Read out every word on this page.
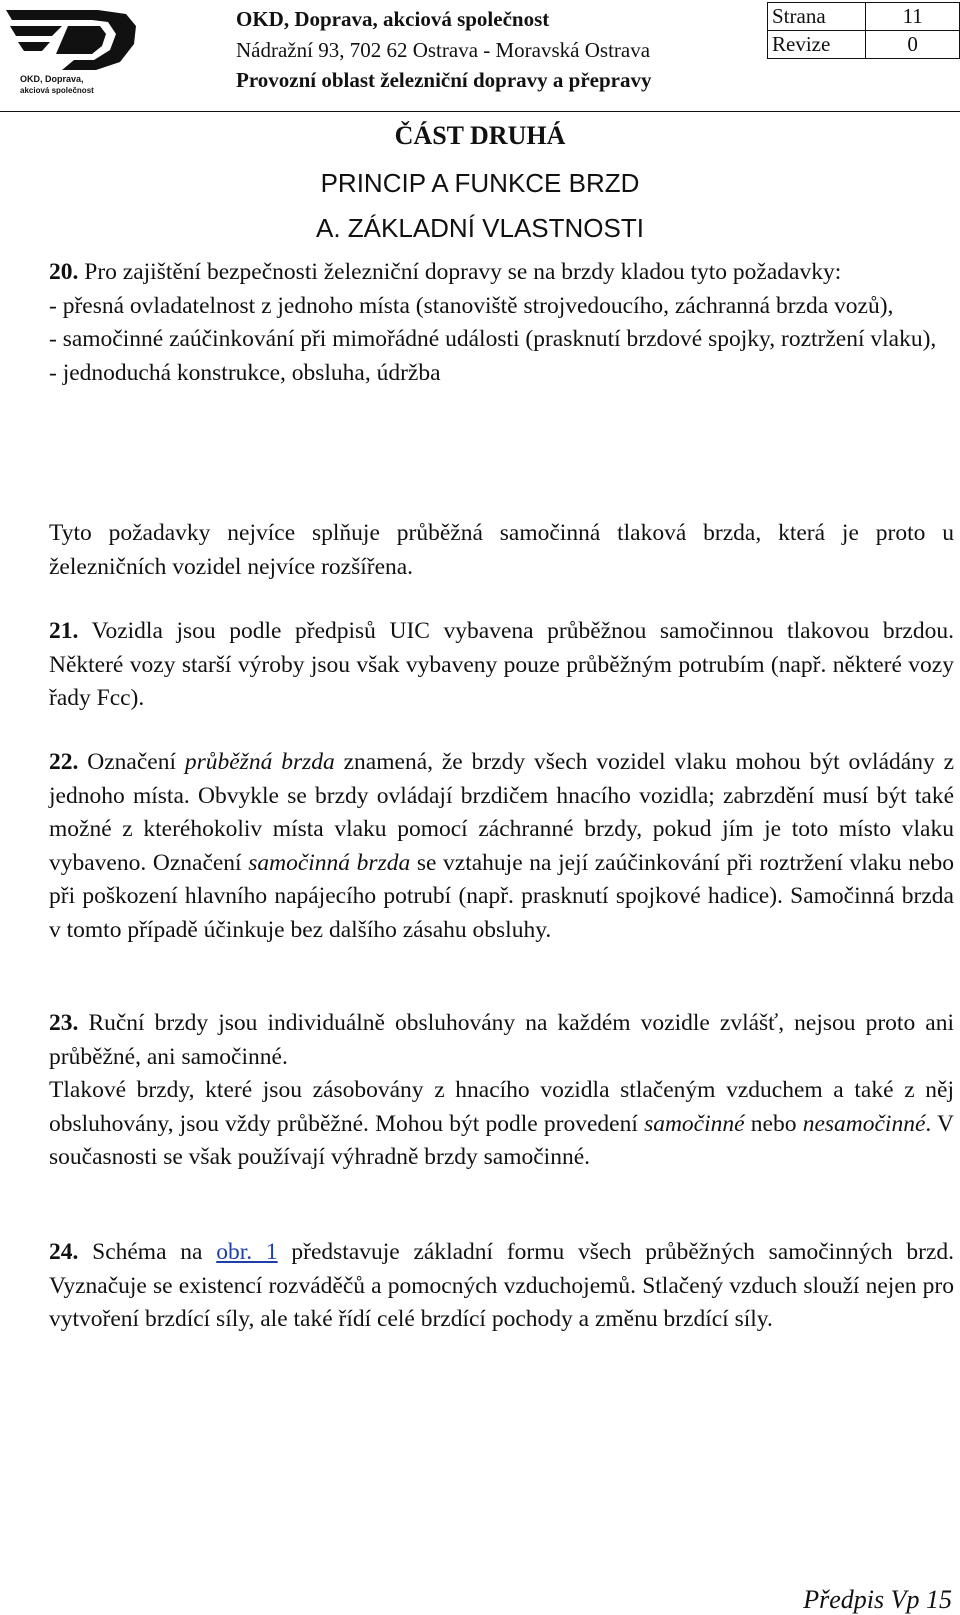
OKD, Doprava,
akciová společnost
OKD, Doprava, akciová společnost
Nádražní 93, 702 62 Ostrava - Moravská Ostrava
Provozní oblast železniční dopravy a přepravy
Strana	11
Revize	0
ČÁST DRUHÁ
PRINCIP A FUNKCE BRZD
A. ZÁKLADNÍ VLASTNOSTI
20. Pro zajištění bezpečnosti železniční dopravy se na brzdy kladou tyto požadavky:
- přesná ovladatelnost z jednoho místa (stanoviště strojvedoucího, záchranná brzda vozů),
- samočinné zaúčinkování při mimořádné události (prasknutí brzdové spojky, roztržení vlaku),
- jednoduchá konstrukce, obsluha, údržba
Tyto požadavky nejvíce splňuje průběžná samočinná tlaková brzda, která je proto u železničních vozidel nejvíce rozšířena.
21. Vozidla jsou podle předpisů UIC vybavena průběžnou samočinnou tlakovou brzdou. Některé vozy starší výroby jsou však vybaveny pouze průběžným potrubím (např. některé vozy řady Fcc).
22. Označení průběžná brzda znamená, že brzdy všech vozidel vlaku mohou být ovládány z jednoho místa. Obvykle se brzdy ovládají brzdičem hnacího vozidla; zabrzdění musí být také možné z kteréhokoliv místa vlaku pomocí záchranné brzdy, pokud jím je toto místo vlaku vybaveno. Označení samočinná brzda se vztahuje na její zaúčinkování při roztržení vlaku nebo při poškození hlavního napájecího potrubí (např. prasknutí spojkové hadice). Samočinná brzda v tomto případě účinkuje bez dalšího zásahu obsluhy.
23. Ruční brzdy jsou individuálně obsluhovány na každém vozidle zvlášť, nejsou proto ani průběžné, ani samočinné.
Tlakové brzdy, které jsou zásobovány z hnacího vozidla stlačeným vzduchem a také z něj obsluhovány, jsou vždy průběžné. Mohou být podle provedení samočinné nebo nesamočinné. V současnosti se však používají výhradně brzdy samočinné.
24. Schéma na obr. 1 představuje základní formu všech průběžných samočinných brzd. Vyznačuje se existencí rozváděčů a pomocných vzduchojemů. Stlačený vzduch slouží nejen pro vytvoření brzdící síly, ale také řídí celé brzdící pochody a změnu brzdící síly.
Předpis Vp 15
